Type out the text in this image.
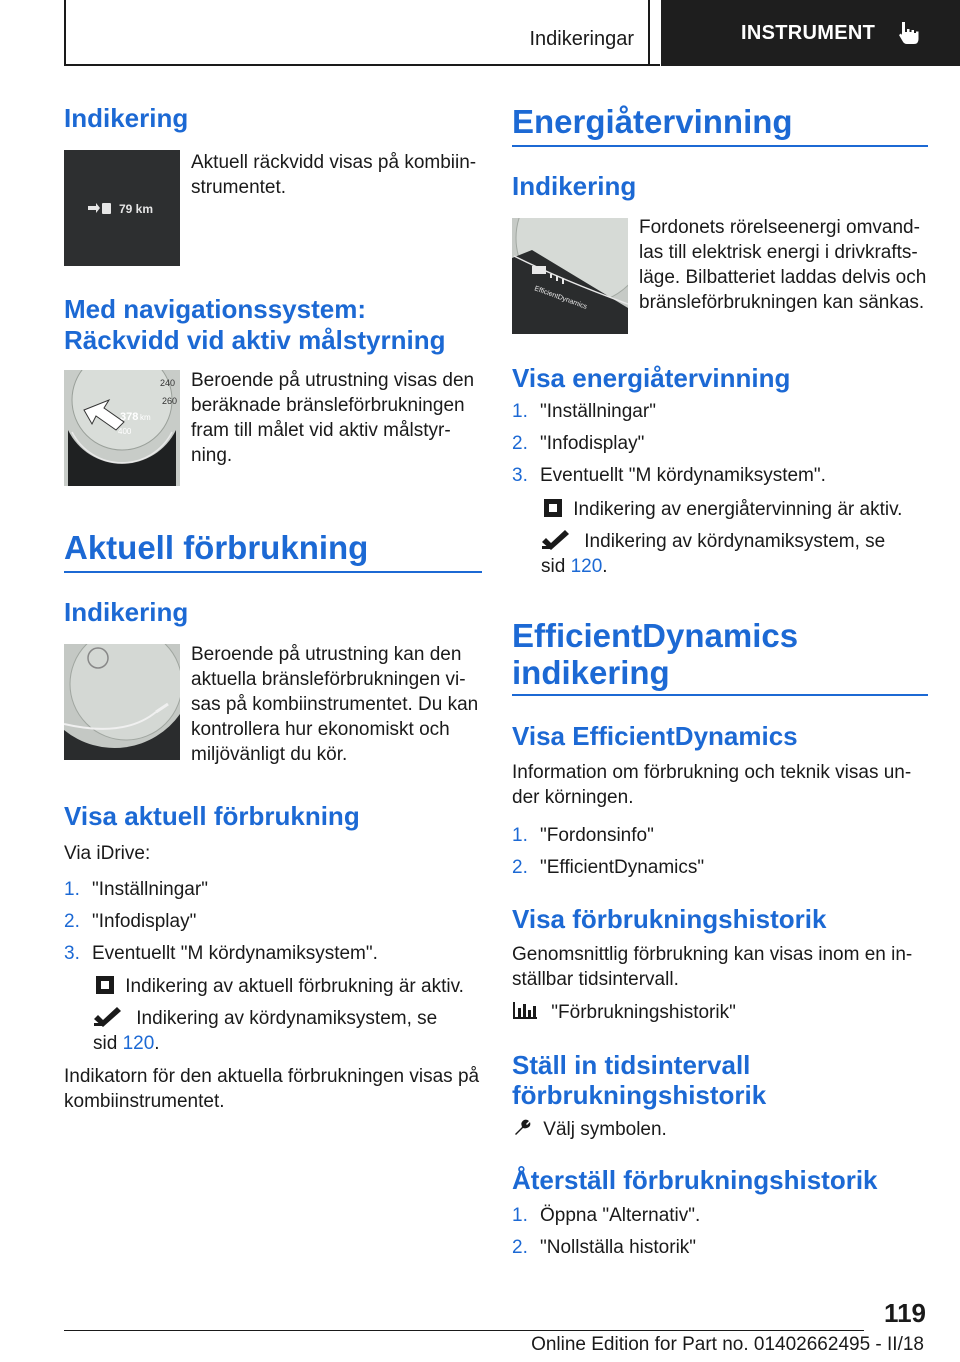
Indikeringar	INSTRUMENT
Indikering
79 km
Aktuell räckvidd visas på kombiin-
strumentet.
Med navigationssystem:
Räckvidd vid aktiv målstyrning
240
260
378 km
400
Beroende på utrustning visas den
beräknade bränsleförbrukningen
fram till målet vid aktiv målstyr-
ning.
Aktuell förbrukning
Indikering
Beroende på utrustning kan den
aktuella bränsleförbrukningen vi-
sas på kombiinstrumentet. Du kan
kontrollera hur ekonomiskt och
miljövänligt du kör.
Visa aktuell förbrukning
Via iDrive:
1. "Inställningar"
2. "Infodisplay"
3. Eventuellt "M kördynamiksystem".
Indikering av aktuell förbrukning är aktiv.
Indikering av kördynamiksystem, se
sid 120.
Indikatorn för den aktuella förbrukningen visas på
kombiinstrumentet.
Energiåtervinning
Indikering
EfficientDynamics
Fordonets rörelseenergi omvand-
las till elektrisk energi i drivkrafts-
läge. Bilbatteriet laddas delvis och
bränsleförbrukningen kan sänkas.
Visa energiåtervinning
1. "Inställningar"
2. "Infodisplay"
3. Eventuellt "M kördynamiksystem".
Indikering av energiåtervinning är aktiv.
Indikering av kördynamiksystem, se
sid 120.
EfficientDynamics
indikering
Visa EfficientDynamics
Information om förbrukning och teknik visas un-
der körningen.
1. "Fordonsinfo"
2. "EfficientDynamics"
Visa förbrukningshistorik
Genomsnittlig förbrukning kan visas inom en in-
ställbar tidsintervall.
"Förbrukningshistorik"
Ställ in tidsintervall
förbrukningshistorik
Välj symbolen.
Återställ förbrukningshistorik
1. Öppna "Alternativ".
2. "Nollställa historik"
119
Online Edition for Part no. 01402662495 - II/18
